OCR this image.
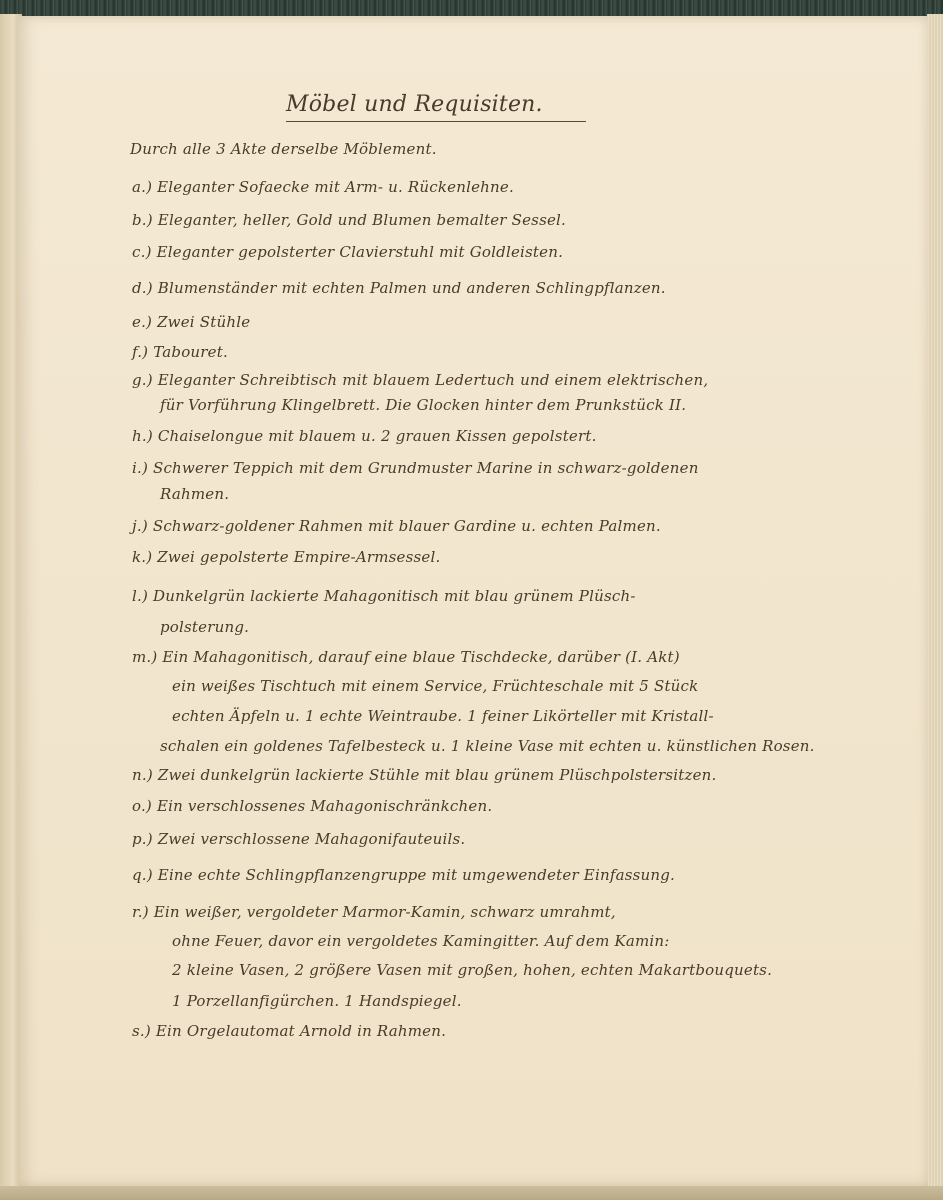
Möbel und Requisiten.
Durch alle 3 Akte derselbe Möblement.
a.) Eleganter Sofaecke mit Arm- u. Rückenlehne.
b.) Eleganter, heller, Gold und Blumen bemalter Sessel.
c.) Eleganter gepolsterter Clavierstuhl mit Goldleisten.
d.) Blumenständer mit echten Palmen und anderen Schlingpflanzen.
e.) Zwei Stühle
f.) Tabouret.
g.) Eleganter Schreibtisch mit blauem Ledertuch und einem elektrischen,
für Vorführung Klingelbrett. Die Glocken hinter dem Prunkstück II.
h.) Chaiselongue mit blauem u. 2 grauen Kissen gepolstert.
i.) Schwerer Teppich mit dem Grundmuster Marine in schwarz-goldenen
Rahmen.
j.) Schwarz-goldener Rahmen mit blauer Gardine u. echten Palmen.
k.) Zwei gepolsterte Empire-Armsessel.
l.) Dunkelgrün lackierte Mahagonitisch mit blau grünem Plüsch-
polsterung.
m.) Ein Mahagonitisch, darauf eine blaue Tischdecke, darüber (I. Akt)
ein weißes Tischtuch mit einem Service, Früchteschale mit 5 Stück
echten Äpfeln u. 1 echte Weintraube. 1 feiner Likörteller mit Kristall-
schalen ein goldenes Tafelbesteck u. 1 kleine Vase mit echten u. künstlichen Rosen.
n.) Zwei dunkelgrün lackierte Stühle mit blau grünem Plüschpolstersitzen.
o.) Ein verschlossenes Mahagonischränkchen.
p.) Zwei verschlossene Mahagonifauteuils.
q.) Eine echte Schlingpflanzengruppe mit umgewendeter Einfassung.
r.) Ein weißer, vergoldeter Marmor-Kamin, schwarz umrahmt,
ohne Feuer, davor ein vergoldetes Kamingitter. Auf dem Kamin:
2 kleine Vasen, 2 größere Vasen mit großen, hohen, echten Makartbouquets.
1 Porzellanfigürchen. 1 Handspiegel.
s.) Ein Orgelautomat Arnold in Rahmen.
